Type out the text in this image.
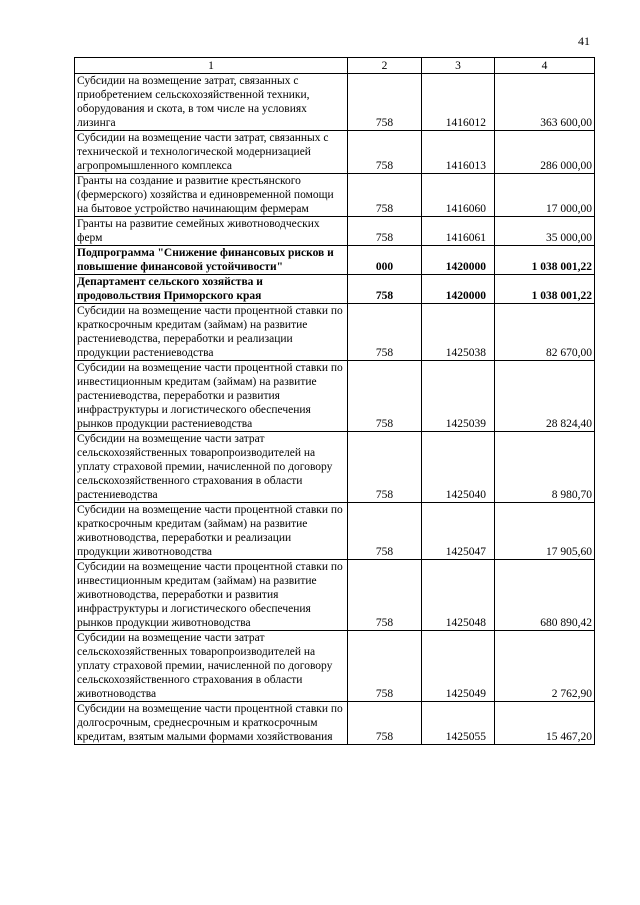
41
1	2	3	4
Субсидии на возмещение затрат, связанных с приобретением сельскохозяйственной техники, оборудования и скота, в том числе на условиях лизинга	758	1416012	363 600,00
Субсидии на возмещение части затрат, связанных с технической и технологической модернизацией агропромышленного комплекса	758	1416013	286 000,00
Гранты на создание и развитие крестьянского (фермерского) хозяйства и единовременной помощи на бытовое устройство начинающим фермерам	758	1416060	17 000,00
Гранты на развитие семейных животноводческих ферм	758	1416061	35 000,00
Подпрограмма "Снижение финансовых рисков и повышение финансовой устойчивости"	000	1420000	1 038 001,22
Департамент сельского хозяйства и продовольствия Приморского края	758	1420000	1 038 001,22
Субсидии на возмещение части процентной ставки по краткосрочным кредитам (займам) на развитие растениеводства, переработки и реализации продукции растениеводства	758	1425038	82 670,00
Субсидии на возмещение части процентной ставки по инвестиционным кредитам (займам) на развитие растениеводства, переработки и развития инфраструктуры и логистического обеспечения рынков продукции растениеводства	758	1425039	28 824,40
Субсидии на возмещение части затрат сельскохозяйственных товаропроизводителей на уплату страховой премии, начисленной по договору сельскохозяйственного страхования в области растениеводства	758	1425040	8 980,70
Субсидии на возмещение части процентной ставки по краткосрочным кредитам (займам) на развитие животноводства, переработки и реализации продукции животноводства	758	1425047	17 905,60
Субсидии на возмещение части процентной ставки по инвестиционным кредитам (займам) на развитие животноводства, переработки и развития инфраструктуры и логистического обеспечения рынков продукции животноводства	758	1425048	680 890,42
Субсидии на возмещение части затрат сельскохозяйственных товаропроизводителей на уплату страховой премии, начисленной по договору сельскохозяйственного страхования в области животноводства	758	1425049	2 762,90
Субсидии на возмещение части процентной ставки по долгосрочным, среднесрочным и краткосрочным кредитам, взятым малыми формами хозяйствования	758	1425055	15 467,20
